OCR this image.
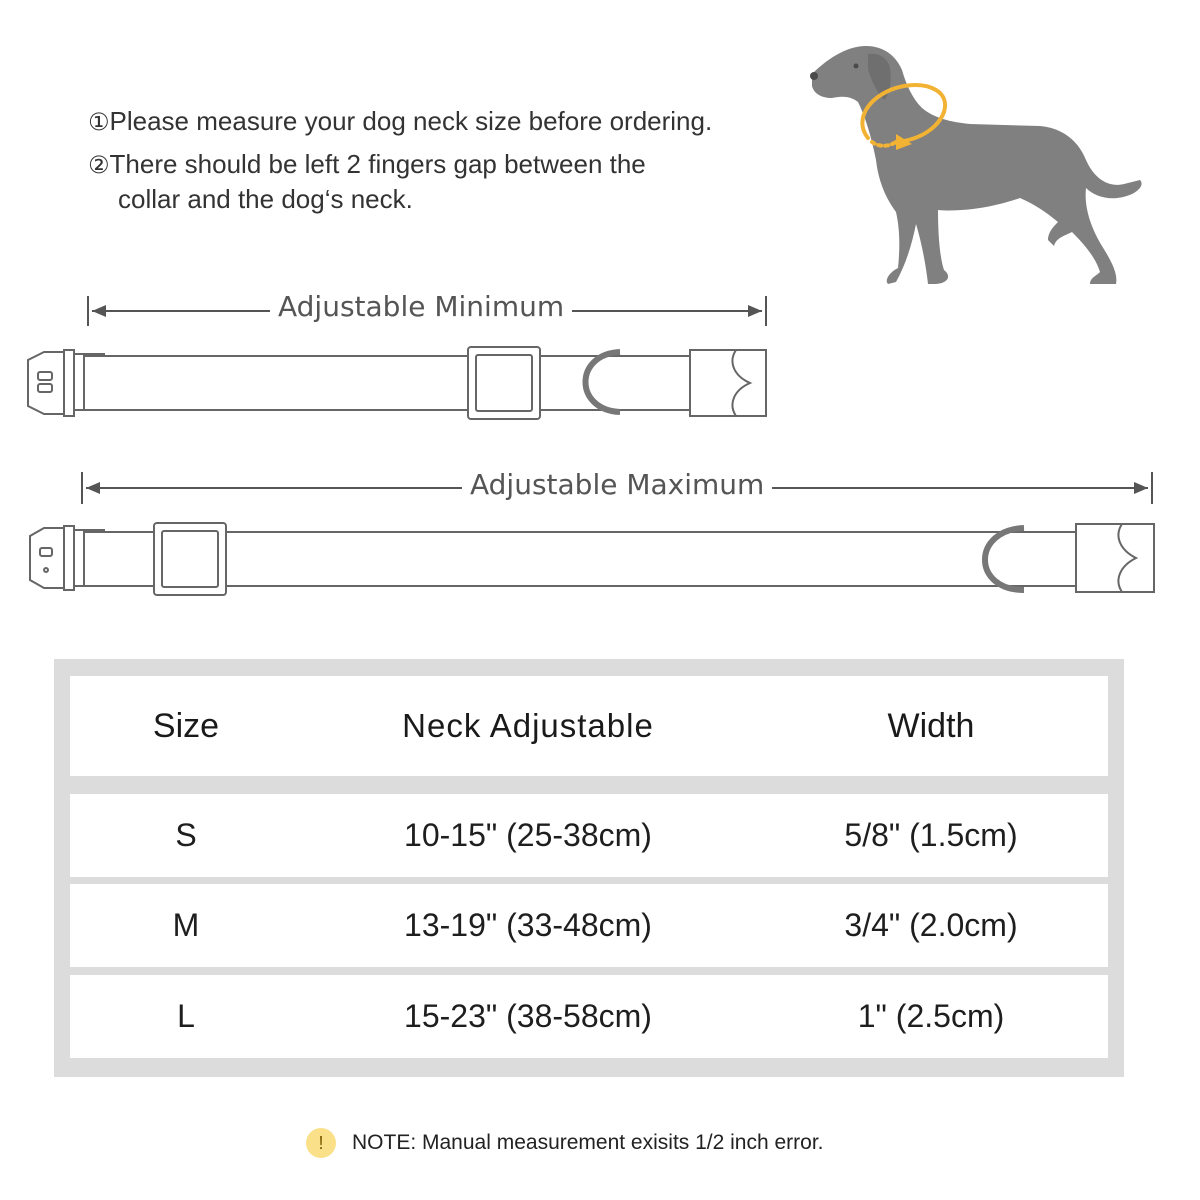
①Please measure your dog neck size before ordering.
②There should be left 2 fingers gap between the
collar and the dog‘s neck.
Adjustable Minimum
Adjustable Maximum
Size	Neck Adjustable	Width
S	10-15" (25-38cm)	5/8" (1.5cm)
M	13-19" (33-48cm)	3/4" (2.0cm)
L	15-23" (38-58cm)	1" (2.5cm)
!	NOTE: Manual measurement exisits 1/2 inch error.
